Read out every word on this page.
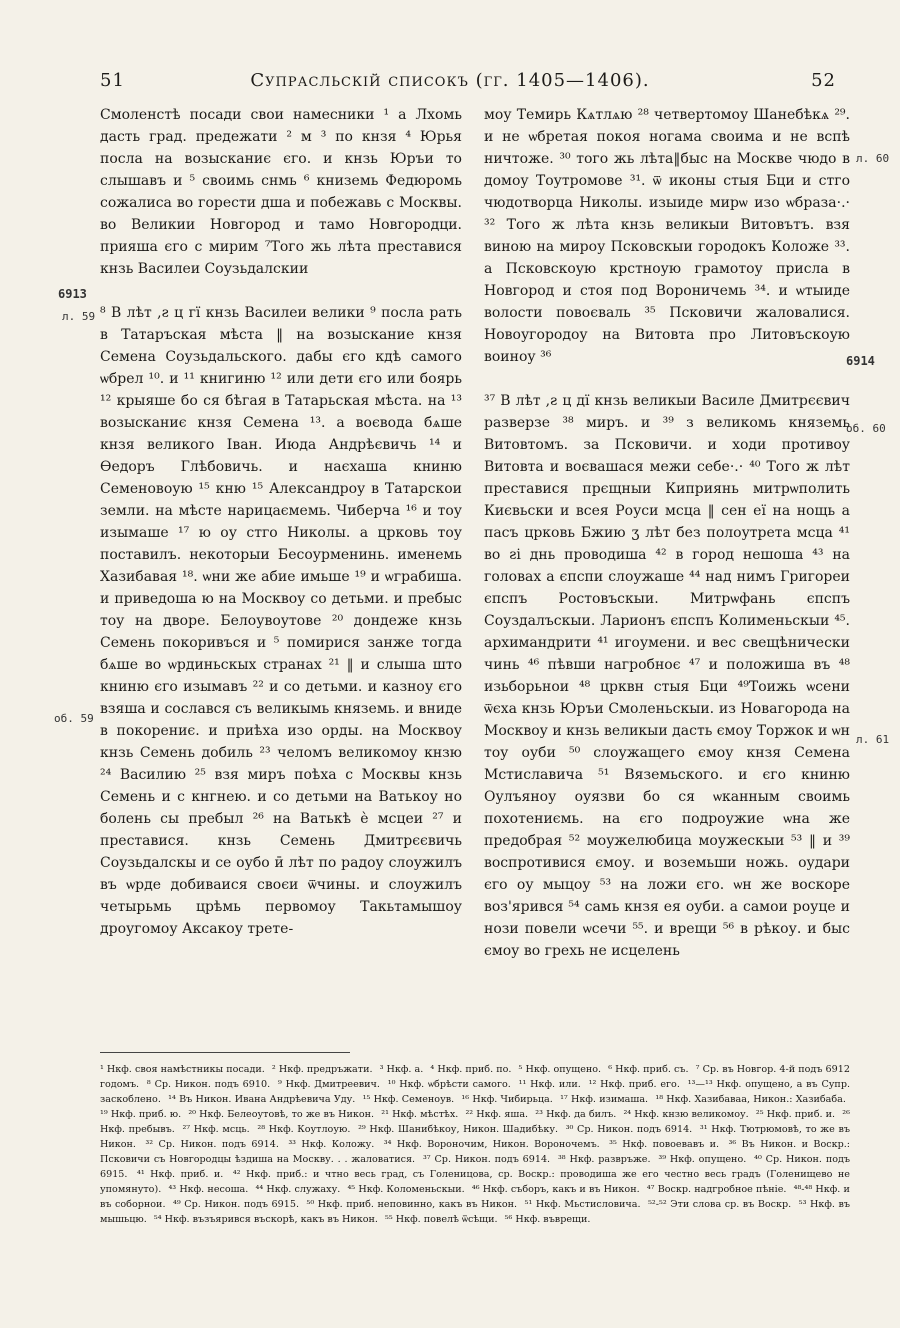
51	Супрасльскій списокъ (гг. 1405—1406).	52

Смоленстѣ посади свои намесники ¹ а Лхомь дасть град. предежати ² м ³ по кнзя ⁴ Юрья посла на возысканиє єго. и кнзь Юръи то слышавъ и ⁵ своимь снмь ⁶ книземь Федюромь сожалиса во горести дша и побежавь с Москвы. во Великии Новгород и тамо Новгородци. прияша єго с мирим ⁷Того жь лѣта преставися кнзь Василеи Соузьдалскии

⁸ В лѣт ,ꙅ ц гї кнзь Василеи велики ⁹ посла рать в Татаръская мѣста ‖ на возыскание кнзя Семена Соузьдальского. дабы єго кдѣ самого ѡбрел ¹⁰. и ¹¹ книгиню ¹² или дети єго или боярь ¹² крыяше бо ся бѣгая в Татарьская мѣста. на ¹³ возысканиє кнзя Семена ¹³. а воєвода бѧше кнзя великого Іван. Июда Андрѣєвичь ¹⁴ и Ѳедоръ Глѣбовичь. и наєхаша книню Семеновоую ¹⁵ кню ¹⁵ Александроу в Татарскои земли. на мѣсте нарицаємемь. Чиберча ¹⁶ и тоу изымаше ¹⁷ ю оу стго Николы. а црковь тоу поставилъ. некоторыи Бесоурменинь. именемь Хазибавая ¹⁸. ѡни же абие имьше ¹⁹ и ѡграбиша. и приведоша ю на Москвоу со детьми. и пребыс тоу на дворе. Белоувоутове ²⁰ дондеже кнзь Семень покоривъся и ⁵ помирися занже тогда бѧше во ѡрдиньскых странах ²¹ ‖ и слыша што книню єго изымавъ ²² и со детьми. и казноу єго взяша и сослався съ великымь княземь. и вниде в покорениє. и приѣха изо орды. на Москвоу кнзь Семень добиль ²³ челомъ великомоу кнзю ²⁴ Василию ²⁵ взя миръ поѣха с Москвы кнзь Семень и с кнгнею. и со детьми на Ватькоу но болень сы пребыл ²⁶ на Ватькѣ ѐ мсцеи ²⁷ и преставися. кнзь Семень Дмитрєєвичь Соузьдалскы и се оубо ӣ лѣт по радоу слоужилъ въ ѡрде добиваися своєи ѿчины. и слоужилъ четырьмь црѣмь первомоу Такьтамышоу дроугомоу Аксакоу трете-

моу Темирь Кѧтлѧю ²⁸ четвертомоу Шанебѣкѧ ²⁹. и не ѡбретая покоя ногама своима и не вспѣ ничтоже. ³⁰ того жь лѣта‖быс на Москве чюдо в домоу Тоутромове ³¹. ѿ иконы стыя Бци и стго чюдотворца Николы. изыиде мирѡ изо ѡбраза·.· ³² Того ж лѣта кнзь великыи Витовътъ. взя виною на мироу Псковскыи городокъ Коложе ³³. а Псковскоую крстноую грамотоу присла в Новгород и стоя под Вороничемь ³⁴. и ѡтыиде волости повоєваль ³⁵ Псковичи жаловалися. Новоугородоу на Витовта про Литовъскоую воиноу ³⁶

³⁷ В лѣт ,ꙅ ц дї кнзь великыи Василе Дмитрєєвич разверзе ³⁸ миръ. и ³⁹ з великомь княземь Витовтомъ. за Псковичи. и ходи противоу Витовта и воєвашася межи себе·.· ⁴⁰ Того ж лѣт преставися прєщныи Киприянь митрѡполить Києвьски и всея Роуси мсца ‖ сен еї на нощь а пасъ црковь Бжию ӡ лѣт без полоутрета мсца ⁴¹ во ꙅі днь проводиша ⁴² в город нешоша ⁴³ на головах а єпспи слоужаше ⁴⁴ над нимъ Григореи єпспъ Ростовъскыи. Митрѡфань єпспъ Соуздалъскыи. Ларионъ єпспъ Колименьскыи ⁴⁵. архимандрити ⁴¹ игоумени. и вес свещѣнически чинь ⁴⁶ пѣвши нагробноє ⁴⁷ и положиша въ ⁴⁸ изьборьнои ⁴⁸ црквн стыя Бци ⁴⁹Тоижь ѡсени ѿєха кнзь Юръи Смоленьскыи. из Новагорода на Москвоу и кнзь великыи дасть ємоу Торжок и ѡн тоу оуби ⁵⁰ слоужащего ємоу кнзя Семена Мстиславича ⁵¹ Вяземьского. и єго книню Оулъяноу оуязви бо ся ѡканным своимь похотениємь. на єго подроужие ѡна же предобрая ⁵² моужелюбица моужескыи ⁵³ ‖ и ³⁹ воспротивися ємоу. и воземьши ножь. оудари єго оу мыцоу ⁵³ на ложи єго. ѡн же воскоре воз'ярився ⁵⁴ самь кнзя ея оуби. а самои роуце и нози повели ѡсечи ⁵⁵. и врещи ⁵⁶ в рѣкоу. и быс ємоу во грехь не исцелень

6913
л. 59
об. 59
л. 60
6914
об. 60
л. 61
¹ Нкф. своя намѣстникы посади. ² Нкф. предръжати. ³ Нкф. а. ⁴ Нкф. приб. по. ⁵ Нкф. опущено. ⁶ Нкф. приб. съ. ⁷ Ср. въ Новгор. 4-й подъ 6912 годомъ. ⁸ Ср. Никон. подъ 6910. ⁹ Нкф. Дмитреевич. ¹⁰ Нкф. ѡбрѣсти самого. ¹¹ Нкф. или. ¹² Нкф. приб. его. ¹³—¹³ Нкф. опущено, а въ Супр. заскоблено. ¹⁴ Въ Никон. Ивана Андрѣевича Уду. ¹⁵ Нкф. Семеноув. ¹⁶ Нкф. Чибирьца. ¹⁷ Нкф. изимаша. ¹⁸ Нкф. Хазибаваа, Никон.: Хазибаба. ¹⁹ Нкф. приб. ю. ²⁰ Нкф. Белеоутовѣ, то же въ Никон. ²¹ Нкф. мѣстѣх. ²² Нкф. яша. ²³ Нкф. да билъ. ²⁴ Нкф. кнзю великомоу. ²⁵ Нкф. приб. и. ²⁶ Нкф. пребывъ. ²⁷ Нкф. мсць. ²⁸ Нкф. Коутлоую. ²⁹ Нкф. Шанибѣкоу, Никон. Шадибѣку. ³⁰ Ср. Никон. подъ 6914. ³¹ Нкф. Тютрюмовѣ, то же въ Никон. ³² Ср. Никон. подъ 6914. ³³ Нкф. Коложу. ³⁴ Нкф. Вороночим, Никон. Вороночемъ. ³⁵ Нкф. повоевавъ и. ³⁶ Въ Никон. и Воскр.: Псковичи съ Новгородцы ѣздиша на Москву. . . жаловатися. ³⁷ Ср. Никон. подъ 6914. ³⁸ Нкф. развръже. ³⁹ Нкф. опущено. ⁴⁰ Ср. Никон. подъ 6915. ⁴¹ Нкф. приб. и. ⁴² Нкф. приб.: и чтно весь град, съ Голеницова, ср. Воскр.: проводиша же его честно весь градъ (Голенищево не упомянуто). ⁴³ Нкф. несоша. ⁴⁴ Нкф. служаху. ⁴⁵ Нкф. Коломеньскыи. ⁴⁶ Нкф. съборъ, какъ и въ Никон. ⁴⁷ Воскр. надгробное пѣніе. ⁴⁸-⁴⁸ Нкф. и въ соборнои. ⁴⁹ Ср. Никон. подъ 6915. ⁵⁰ Нкф. приб. неповинно, какъ въ Никон. ⁵¹ Нкф. Мьстиcловича. ⁵²-⁵² Эти слова ср. въ Воскр. ⁵³ Нкф. въ мышьцю. ⁵⁴ Нкф. възъярився въскорѣ, какъ въ Никон. ⁵⁵ Нкф. повелѣ ѿсѣщи. ⁵⁶ Нкф. въврещи.
